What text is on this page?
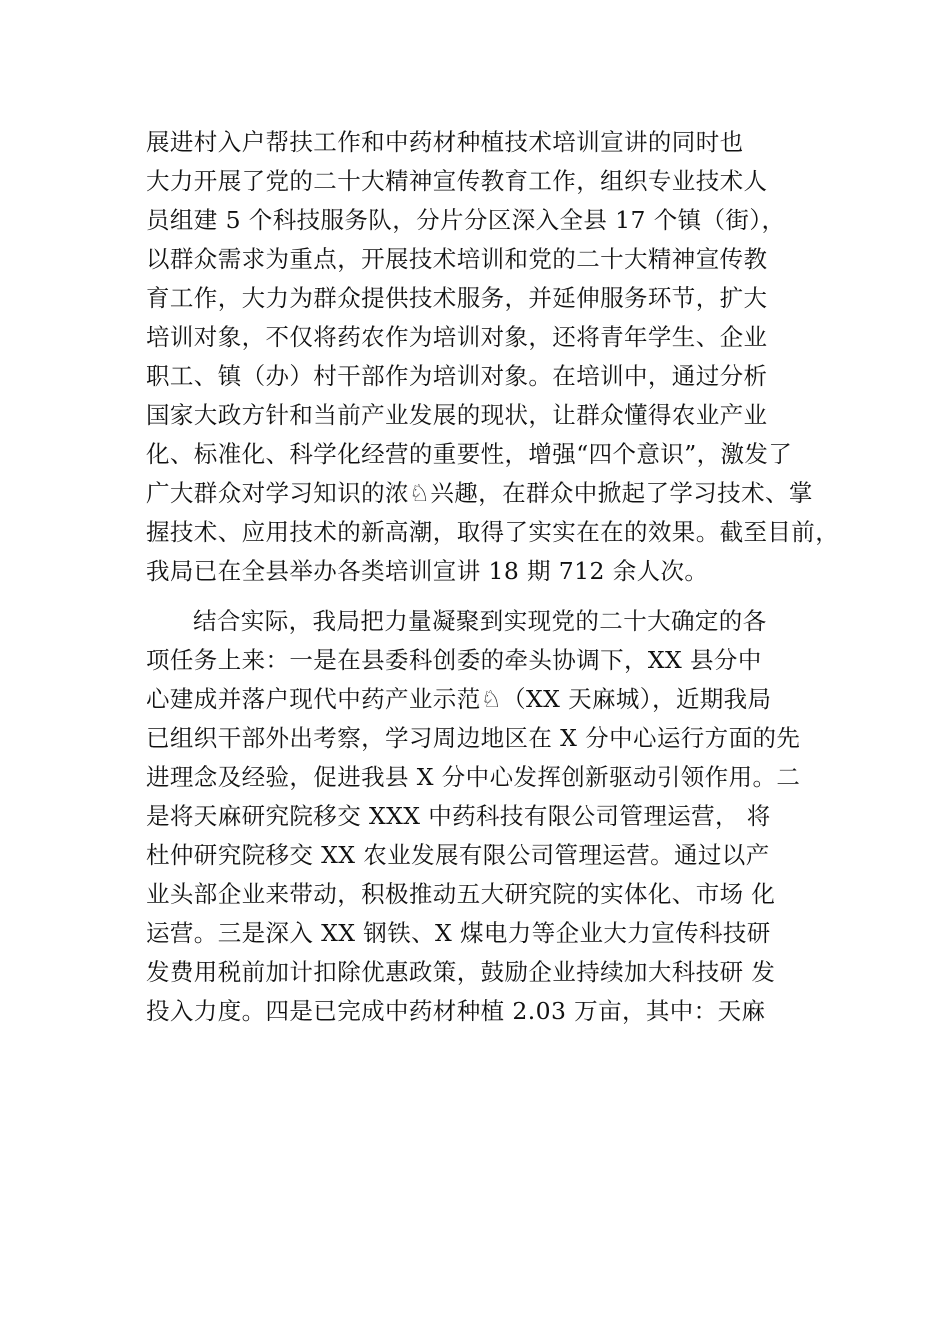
展进村入户帮扶工作和中药材种植技术培训宣讲的同时也
大力开展了党的二十大精神宣传教育工作，组织专业技术人
员组建 5 个科技服务队，分片分区深入全县 17 个镇（街），
以群众需求为重点，开展技术培训和党的二十大精神宣传教
育工作，大力为群众提供技术服务，并延伸服务环节，扩大
培训对象，不仅将药农作为培训对象，还将青年学生、企业
职工、镇（办）村干部作为培训对象。在培训中，通过分析
国家大政方针和当前产业发展的现状，让群众懂得农业产业
化、标准化、科学化经营的重要性，增强“四个意识”，激发了
广大群众对学习知识的浓♘兴趣，在群众中掀起了学习技术、掌
握技术、应用技术的新高潮，取得了实实在在的效果。截至目前，
我局已在全县举办各类培训宣讲 18 期 712 余人次。
结合实际，我局把力量凝聚到实现党的二十大确定的各
项任务上来：一是在县委科创委的牵头协调下，XX 县分中
心建成并落户现代中药产业示范♘（XX 天麻城），近期我局
已组织干部外出考察，学习周边地区在 X 分中心运行方面的先
进理念及经验，促进我县 X 分中心发挥创新驱动引领作用。二
是将天麻研究院移交 XXX 中药科技有限公司管理运营， 将
杜仲研究院移交 XX 农业发展有限公司管理运营。通过以产
业头部企业来带动，积极推动五大研究院的实体化、市场 化
运营。三是深入 XX 钢铁、X 煤电力等企业大力宣传科技研
发费用税前加计扣除优惠政策，鼓励企业持续加大科技研 发
投入力度。四是已完成中药材种植 2.03 万亩，其中：天麻
